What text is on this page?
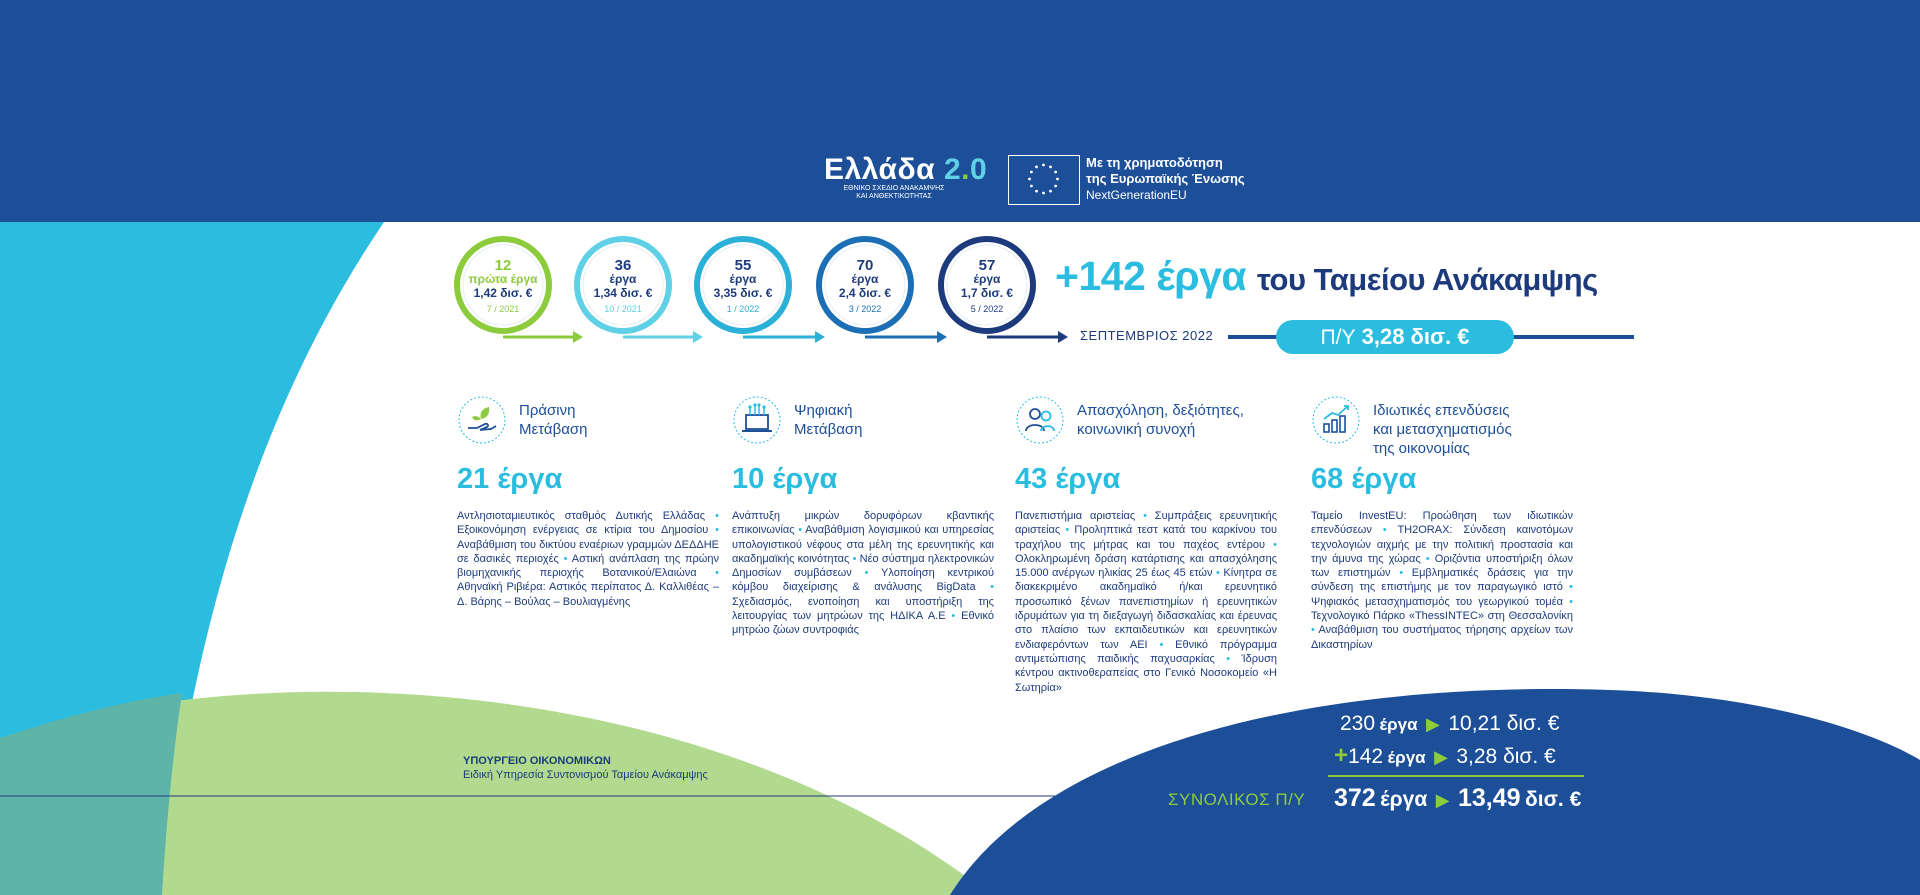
Ελλάδα 2.0
ΕΘΝΙΚΟ ΣΧΕΔΙΟ ΑΝΑΚΑΜΨΗΣ
ΚΑΙ ΑΝΘΕΚΤΙΚΟΤΗΤΑΣ
Με τη χρηματοδότηση
της Ευρωπαϊκής Ένωσης
NextGenerationEU
12
πρώτα έργα
1,42 δισ. €
7 / 2021
36
έργα
1,34 δισ. €
10 / 2021
55
έργα
3,35 δισ. €
1 / 2022
70
έργα
2,4 δισ. €
3 / 2022
57
έργα
1,7 δισ. €
5 / 2022
+142 έργα του Ταμείου Ανάκαμψης
ΣΕΠΤΕΜΒΡΙΟΣ 2022	Π/Υ 3,28 δισ. €
Πράσινη
Μετάβαση
21 έργα
Αντλησιοταμιευτικός σταθμός Δυτικής Ελλάδας • Εξοικονόμηση ενέργειας σε κτίρια του Δημοσίου • Αναβάθμιση του δικτύου εναέριων γραμμών ΔΕΔΔΗΕ σε δασικές περιοχές • Αστική ανάπλαση της πρώην βιομηχανικής περιοχής Βοτανικού/Ελαιώνα • Αθηναϊκή Ριβιέρα: Αστικός περίπατος Δ. Καλλιθέας – Δ. Βάρης – Βούλας – Βουλιαγμένης
Ψηφιακή
Μετάβαση
10 έργα
Ανάπτυξη μικρών δορυφόρων κβαντικής επικοινωνίας • Αναβάθμιση λογισμικού και υπηρεσίας υπολογιστικού νέφους στα μέλη της ερευνητικής και ακαδημαϊκής κοινότητας • Νέο σύστημα ηλεκτρονικών Δημοσίων συμβάσεων • Υλοποίηση κεντρικού κόμβου διαχείρισης & ανάλυσης BigData • Σχεδιασμός, ενοποίηση και υποστήριξη της λειτουργίας των μητρώων της ΗΔΙΚΑ Α.Ε • Εθνικό μητρώο ζώων συντροφιάς
Απασχόληση, δεξιότητες,
κοινωνική συνοχή
43 έργα
Πανεπιστήμια αριστείας • Συμπράξεις ερευνητικής αριστείας • Προληπτικά τεστ κατά του καρκίνου του τραχήλου της μήτρας και του παχέος εντέρου • Ολοκληρωμένη δράση κατάρτισης και απασχόλησης 15.000 ανέργων ηλικίας 25 έως 45 ετών • Κίνητρα σε διακεκριμένο ακαδημαϊκό ή/και ερευνητικό προσωπικό ξένων πανεπιστημίων ή ερευνητικών ιδρυμάτων για τη διεξαγωγή διδασκαλίας και έρευνας στο πλαίσιο των εκπαιδευτικών και ερευνητικών ενδιαφερόντων των ΑΕΙ • Εθνικό πρόγραμμα αντιμετώπισης παιδικής παχυσαρκίας • Ίδρυση κέντρου ακτινοθεραπείας στο Γενικό Νοσοκομείο «Η Σωτηρία»
Ιδιωτικές επενδύσεις
και μετασχηματισμός
της οικονομίας
68 έργα
Ταμείο InvestEU: Προώθηση των ιδιωτικών επενδύσεων • TH2ORAX: Σύνδεση καινοτόμων τεχνολογιών αιχμής με την πολιτική προστασία και την άμυνα της χώρας • Οριζόντια υποστήριξη όλων των επιστημών • Εμβληματικές δράσεις για την σύνδεση της επιστήμης με τον παραγωγικό ιστό • Ψηφιακός μετασχηματισμός του γεωργικού τομέα • Τεχνολογικό Πάρκο «ThessINTEC» στη Θεσσαλονίκη • Αναβάθμιση του συστήματος τήρησης αρχείων των Δικαστηρίων
ΥΠΟΥΡΓΕΙΟ ΟΙΚΟΝΟΜΙΚΩΝ
Ειδική Υπηρεσία Συντονισμού Ταμείου Ανάκαμψης
230 έργα ▶ 10,21 δισ. €
+142 έργα ▶ 3,28 δισ. €
ΣΥΝΟΛΙΚΟΣ Π/Υ 372 έργα ▶ 13,49 δισ. €
